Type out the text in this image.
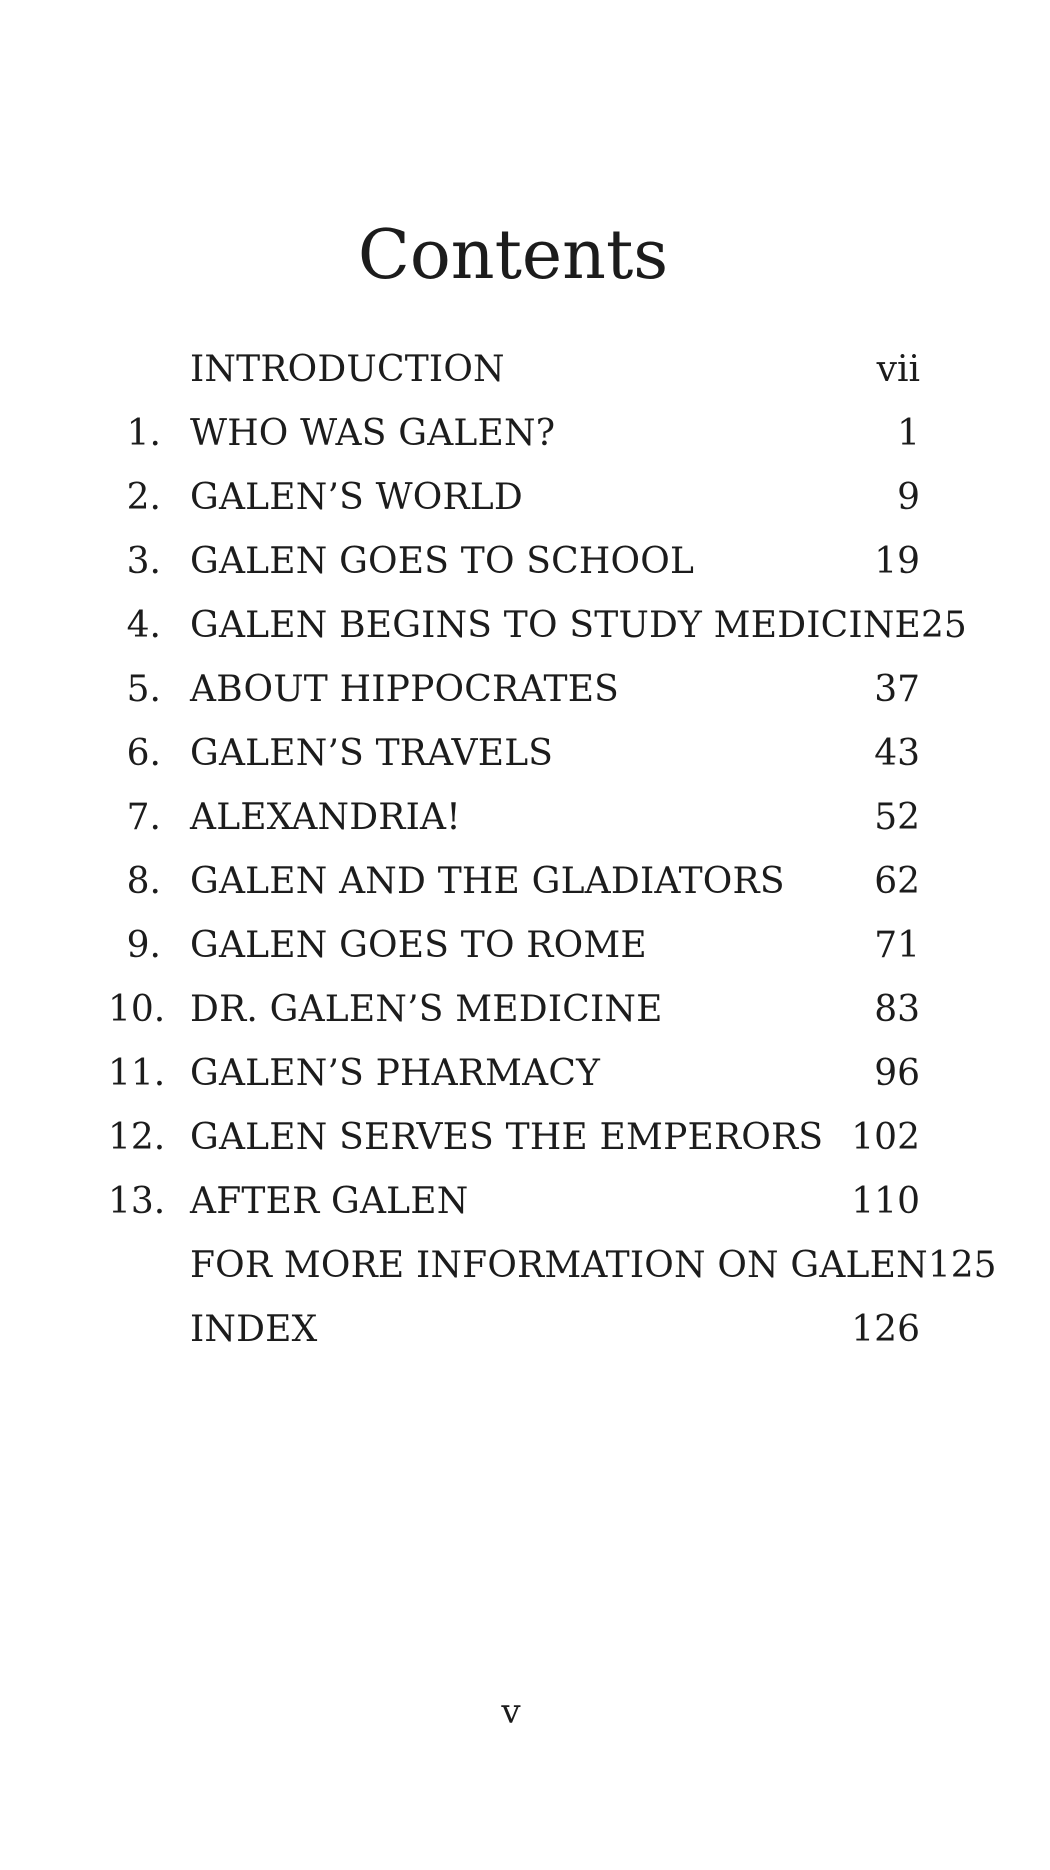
Contents
INTRODUCTION	vii
1. WHO WAS GALEN?	1
2. GALEN’S WORLD	9
3. GALEN GOES TO SCHOOL	19
4. GALEN BEGINS TO STUDY MEDICINE 25
5. ABOUT HIPPOCRATES	37
6. GALEN’S TRAVELS	43
7. ALEXANDRIA!	52
8. GALEN AND THE GLADIATORS	62
9. GALEN GOES TO ROME	71
10. DR. GALEN’S MEDICINE	83
11. GALEN’S PHARMACY	96
12. GALEN SERVES THE EMPERORS 102
13. AFTER GALEN	110
FOR MORE INFORMATION ON GALEN 125
INDEX	126
v
